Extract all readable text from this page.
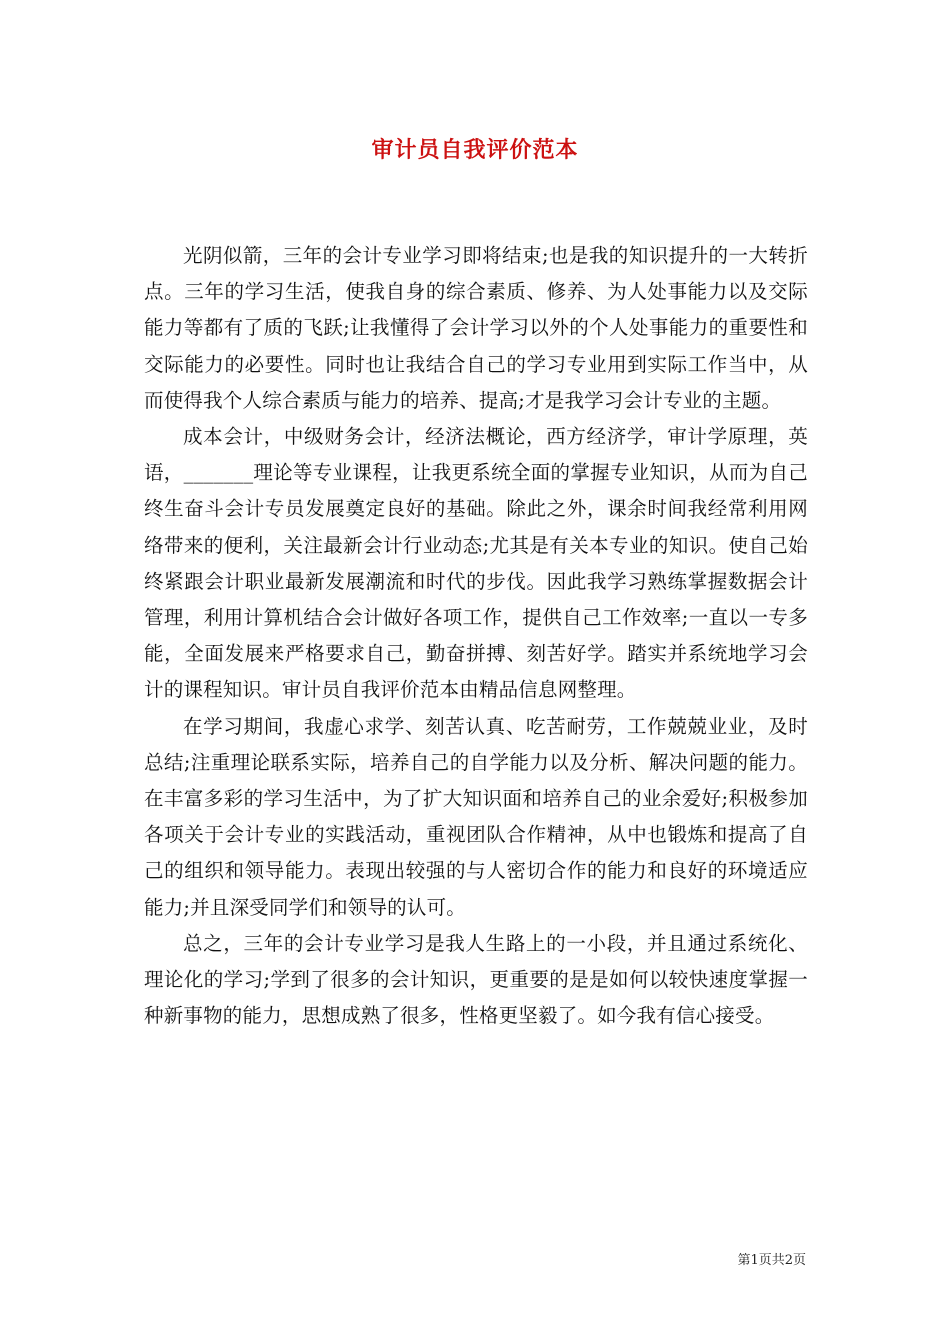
审计员自我评价范本

光阴似箭，三年的会计专业学习即将结束;也是我的知识提升的一大转折点。三年的学习生活，使我自身的综合素质、修养、为人处事能力以及交际能力等都有了质的飞跃;让我懂得了会计学习以外的个人处事能力的重要性和交际能力的必要性。同时也让我结合自己的学习专业用到实际工作当中，从而使得我个人综合素质与能力的培养、提高;才是我学习会计专业的主题。

成本会计，中级财务会计，经济法概论，西方经济学，审计学原理，英语，_______理论等专业课程，让我更系统全面的掌握专业知识，从而为自己终生奋斗会计专员发展奠定良好的基础。除此之外，课余时间我经常利用网络带来的便利，关注最新会计行业动态;尤其是有关本专业的知识。使自己始终紧跟会计职业最新发展潮流和时代的步伐。因此我学习熟练掌握数据会计管理，利用计算机结合会计做好各项工作，提供自己工作效率;一直以一专多能，全面发展来严格要求自己，勤奋拼搏、刻苦好学。踏实并系统地学习会计的课程知识。审计员自我评价范本由精品信息网整理。

在学习期间，我虚心求学、刻苦认真、吃苦耐劳，工作兢兢业业，及时总结;注重理论联系实际，培养自己的自学能力以及分析、解决问题的能力。在丰富多彩的学习生活中，为了扩大知识面和培养自己的业余爱好;积极参加各项关于会计专业的实践活动，重视团队合作精神，从中也锻炼和提高了自己的组织和领导能力。表现出较强的与人密切合作的能力和良好的环境适应能力;并且深受同学们和领导的认可。

总之，三年的会计专业学习是我人生路上的一小段，并且通过系统化、理论化的学习;学到了很多的会计知识，更重要的是是如何以较快速度掌握一种新事物的能力，思想成熟了很多，性格更坚毅了。如今我有信心接受。

第1页共2页
